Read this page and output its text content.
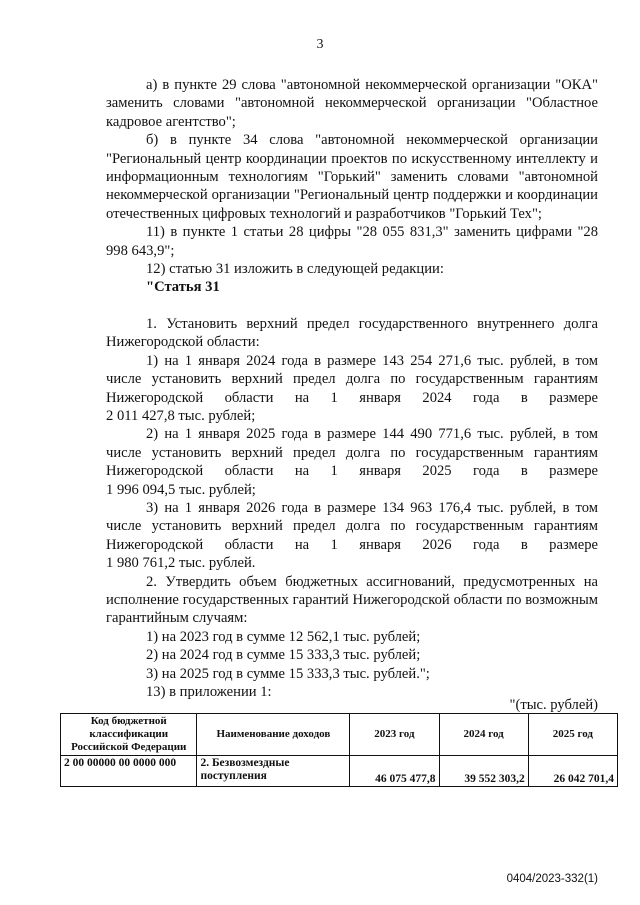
3

а) в пункте 29 слова "автономной некоммерческой организации "ОКА" заменить словами "автономной некоммерческой организации "Областное кадровое агентство";

б) в пункте 34 слова "автономной некоммерческой организации "Региональный центр координации проектов по искусственному интеллекту и информационным технологиям "Горький" заменить словами "автономной некоммерческой организации "Региональный центр поддержки и координации отечественных цифровых технологий и разработчиков "Горький Тех";

11) в пункте 1 статьи 28 цифры "28 055 831,3" заменить цифрами "28 998 643,9";

12) статью 31 изложить в следующей редакции:

"Статья 31

1. Установить верхний предел государственного внутреннего долга Нижегородской области:

1) на 1 января 2024 года в размере 143 254 271,6 тыс. рублей, в том числе установить верхний предел долга по государственным гарантиям Нижегородской области на 1 января 2024 года в размере

2 011 427,8 тыс. рублей;

2) на 1 января 2025 года в размере 144 490 771,6 тыс. рублей, в том числе установить верхний предел долга по государственным гарантиям Нижегородской области на 1 января 2025 года в размере

1 996 094,5 тыс. рублей;

3) на 1 января 2026 года в размере 134 963 176,4 тыс. рублей, в том числе установить верхний предел долга по государственным гарантиям Нижегородской области на 1 января 2026 года в размере

1 980 761,2 тыс. рублей.

2. Утвердить объем бюджетных ассигнований, предусмотренных на исполнение государственных гарантий Нижегородской области по возможным гарантийным случаям:

1) на 2023 год в сумме 12 562,1 тыс. рублей;

2) на 2024 год в сумме 15 333,3 тыс. рублей;

3) на 2025 год в сумме 15 333,3 тыс. рублей.";

13) в приложении 1:

"(тыс. рублей)
Код бюджетной классификации Российской Федерации	Наименование доходов	2023 год	2024 год	2025 год
2 00 00000 00 0000 000	2. Безвозмездные поступления	46 075 477,8	39 552 303,2	26 042 701,4
0404/2023-332(1)
